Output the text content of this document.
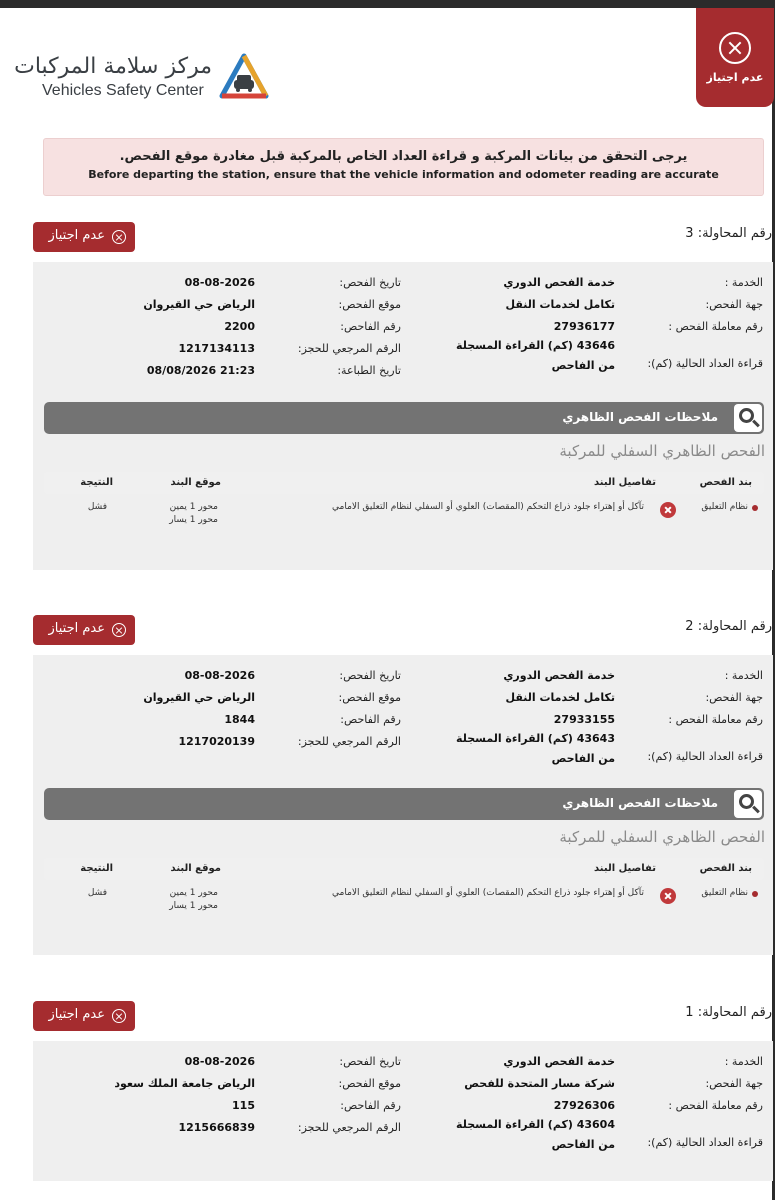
مركز سلامة المركبات
Vehicles Safety Center
عدم اجتياز
يرجى التحقق من بيانات المركبة و قراءة العداد الخاص بالمركبة قبل مغادرة موقع الفحص.
Before departing the station, ensure that the vehicle information and odometer reading are accurate
رقم المحاولة: 3
عدم اجتياز
الخدمة :
جهة الفحص:
رقم معاملة الفحص :
قراءة العداد الحالية (كم):
خدمة الفحص الدوري
تكامل لخدمات النقل
27936177
43646 (كم) القراءة المسجلة من الفاحص
تاريخ الفحص:
موقع الفحص:
رقم الفاحص:
الرقم المرجعي للحجز:
تاريخ الطباعة:
08-08-2026
الرياض حي القيروان
2200
1217134113
21:23 08/08/2026
ملاحظات الفحص الظاهري
الفحص الظاهري السفلي للمركبة
بند الفحص
تفاصيل البند
موقع البند
النتيجة
نظام التعليق
تآكل أو إهتراء جلود ذراع التحكم (المقصات) العلوي أو السفلي لنظام التعليق الامامي
محور 1 يمين
محور 1 يسار
فشل
رقم المحاولة: 2
عدم اجتياز
الخدمة :
جهة الفحص:
رقم معاملة الفحص :
قراءة العداد الحالية (كم):
خدمة الفحص الدوري
تكامل لخدمات النقل
27933155
43643 (كم) القراءة المسجلة من الفاحص
تاريخ الفحص:
موقع الفحص:
رقم الفاحص:
الرقم المرجعي للحجز:
08-08-2026
الرياض حي القيروان
1844
1217020139
ملاحظات الفحص الظاهري
الفحص الظاهري السفلي للمركبة
بند الفحص
تفاصيل البند
موقع البند
النتيجة
نظام التعليق
تآكل أو إهتراء جلود ذراع التحكم (المقصات) العلوي أو السفلي لنظام التعليق الامامي
محور 1 يمين
محور 1 يسار
فشل
رقم المحاولة: 1
عدم اجتياز
الخدمة :
جهة الفحص:
رقم معاملة الفحص :
قراءة العداد الحالية (كم):
خدمة الفحص الدوري
شركة مسار المتحدة للفحص
27926306
43604 (كم) القراءة المسجلة من الفاحص
تاريخ الفحص:
موقع الفحص:
رقم الفاحص:
الرقم المرجعي للحجز:
08-08-2026
الرياض جامعة الملك سعود
115
1215666839
